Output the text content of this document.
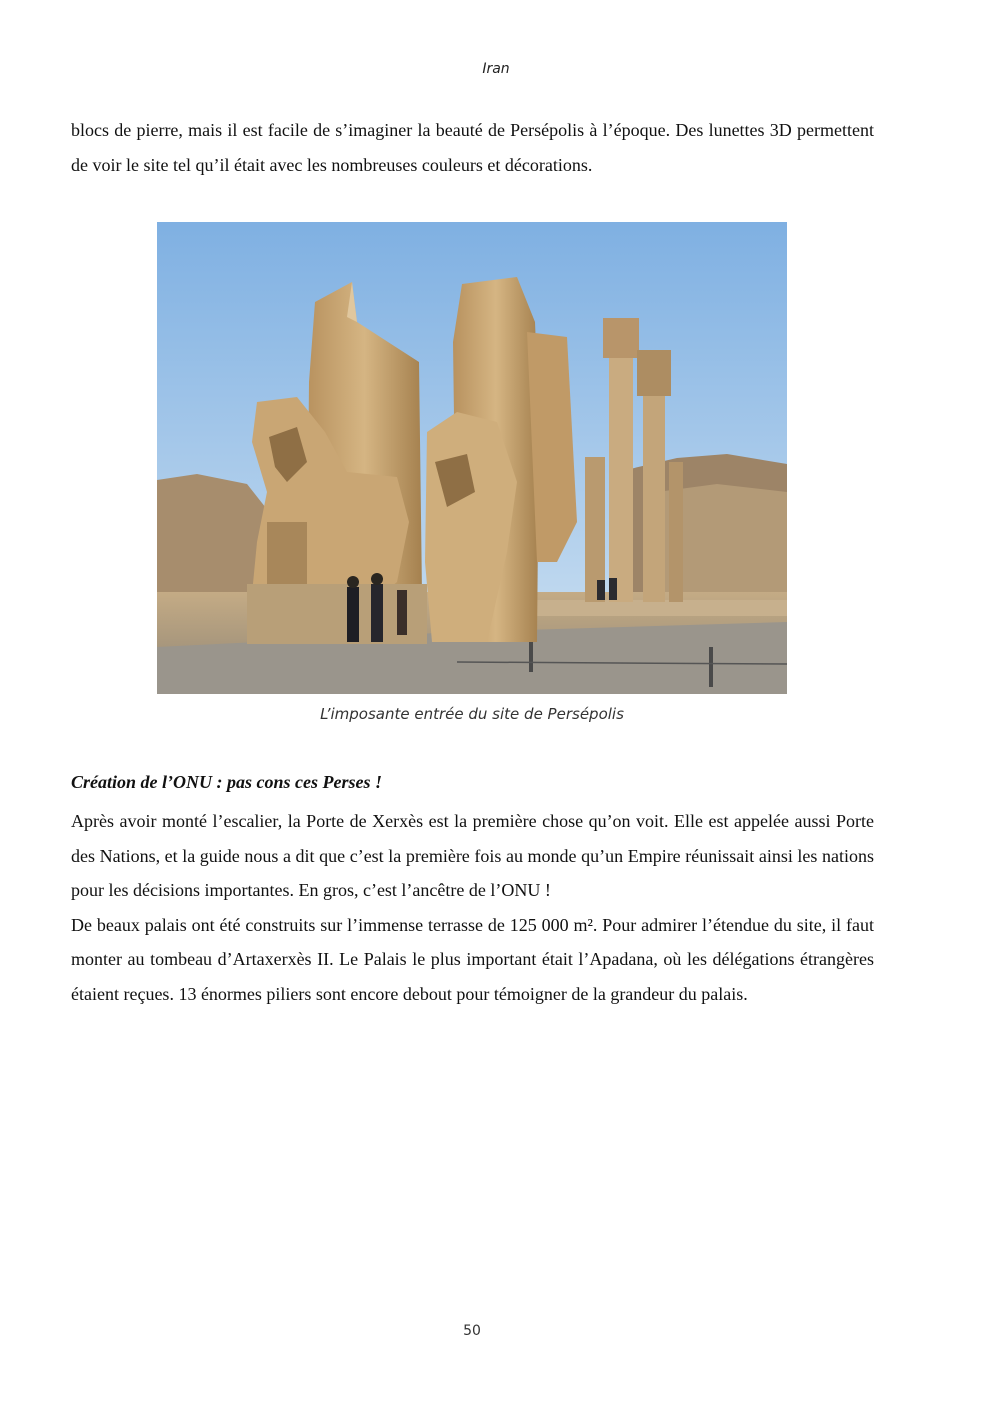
Iran

blocs de pierre, mais il est facile de s’imaginer la beauté de Persépolis à l’époque. Des lunettes 3D permettent de voir le site tel qu’il était avec les nombreuses couleurs et décorations.

L’imposante entrée du site de Persépolis
Création de l’ONU : pas cons ces Perses !

Après avoir monté l’escalier, la Porte de Xerxès est la première chose qu’on voit. Elle est appelée aussi Porte des Nations, et la guide nous a dit que c’est la première fois au monde qu’un Empire réunissait ainsi les nations pour les décisions importantes. En gros, c’est l’ancêtre de l’ONU !

De beaux palais ont été construits sur l’immense terrasse de 125 000 m². Pour admirer l’étendue du site, il faut monter au tombeau d’Artaxerxès II. Le Palais le plus important était l’Apadana, où les délégations étrangères étaient reçues. 13 énormes piliers sont encore debout pour témoigner de la grandeur du palais.

50
